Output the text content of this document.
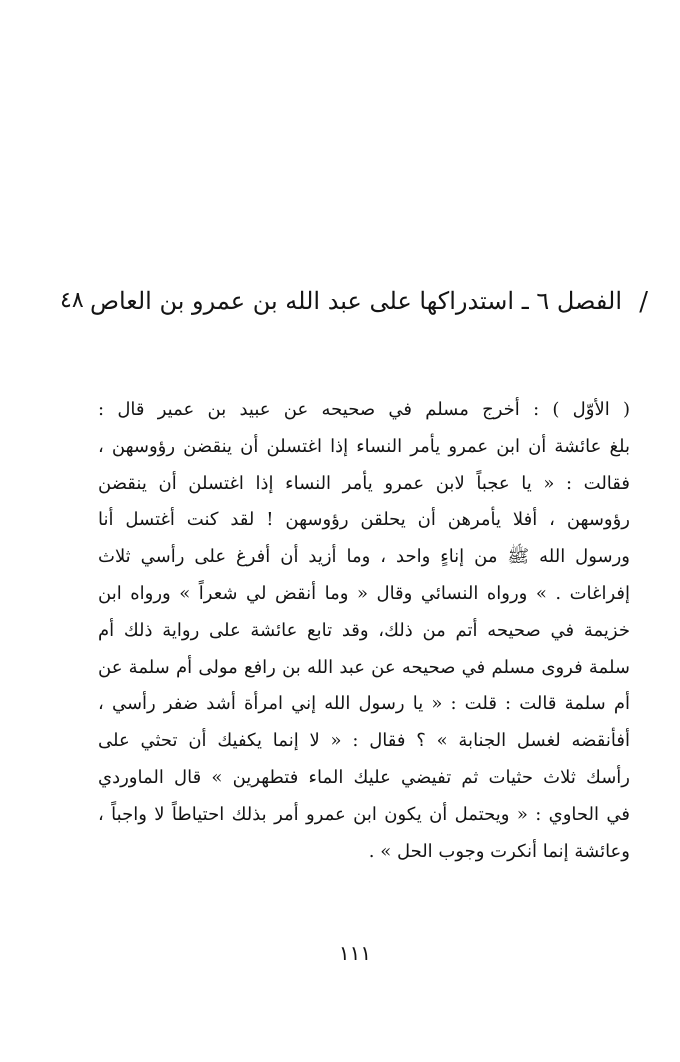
/
الفصل ٦ ـ استدراكها على عبد الله بن عمرو بن العاص
٤٨
( الأوّل ) : أخرج مسلم في صحيحه عن عبيد بن عمير قال :
بلغ عائشة أن ابن عمرو يأمر النساء إذا اغتسلن أن ينقضن رؤوسهن ،
فقالت : « يا عجباً لابن عمرو يأمر النساء إذا اغتسلن أن ينقضن
رؤوسهن ، أفلا يأمرهن أن يحلقن رؤوسهن ! لقد كنت أغتسل أنا
ورسول الله ﷺ من إناءٍ واحد ، وما أزيد أن أفرغ على رأسي ثلاث
إفراغات . » ورواه النسائي وقال « وما أنقض لي شعراً » ورواه ابن
خزيمة في صحيحه أتم من ذلك، وقد تابع عائشة على رواية ذلك أم
سلمة فروى مسلم في صحيحه عن عبد الله بن رافع مولى أم سلمة عن
أم سلمة قالت : قلت : « يا رسول الله إني امرأة أشد ضفر رأسي ،
أفأنقضه لغسل الجنابة » ؟ فقال : « لا إنما يكفيك أن تحثي على
رأسك ثلاث حثيات ثم تفيضي عليك الماء فتطهرين » قال الماوردي
في الحاوي : « ويحتمل أن يكون ابن عمرو أمر بذلك احتياطاً لا واجباً ،
وعائشة إنما أنكرت وجوب الحل » .
١١١
